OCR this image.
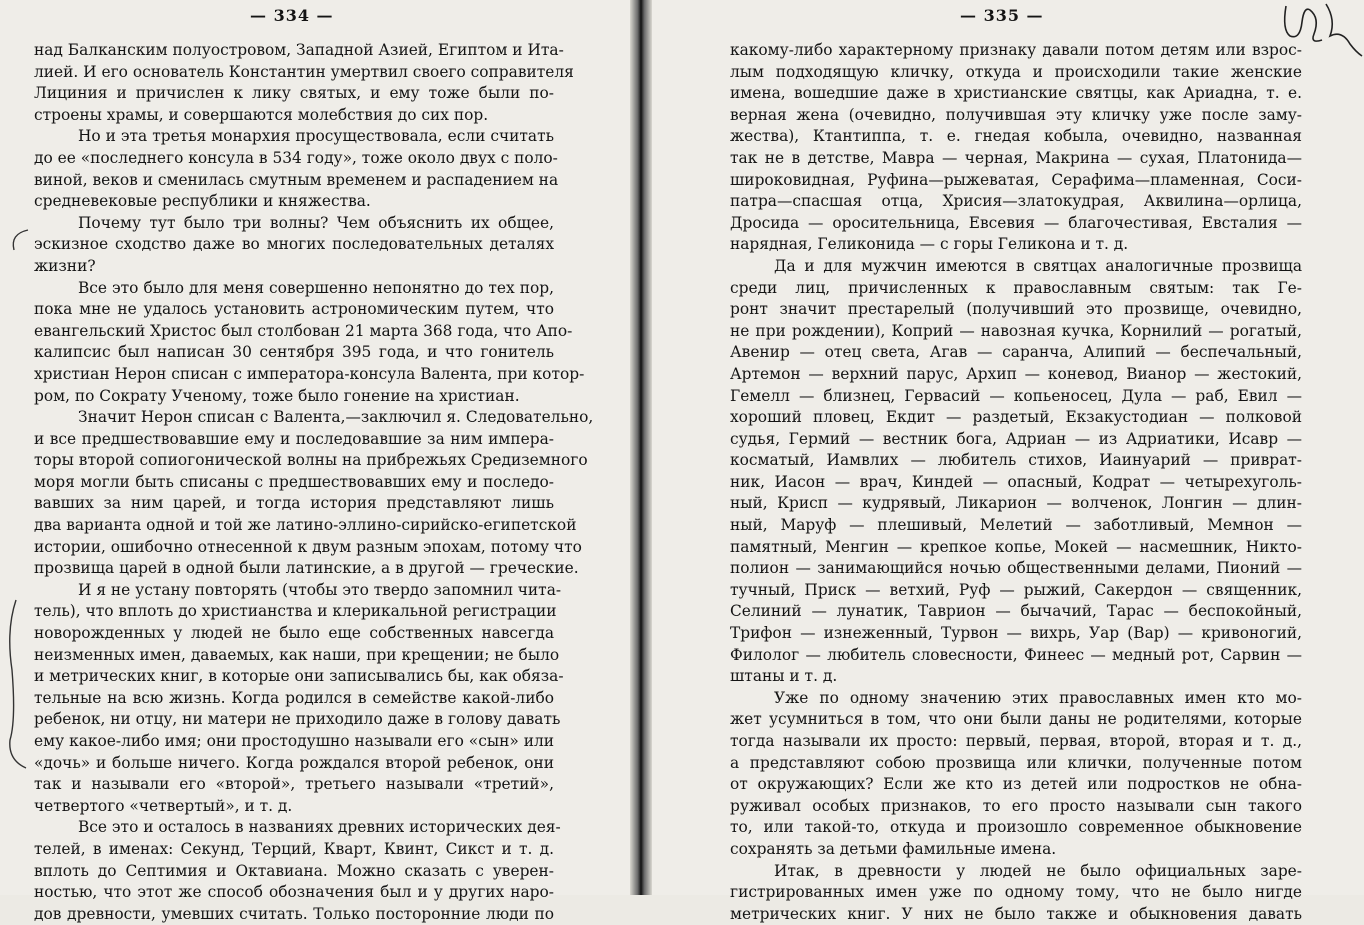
— 334 —
над Балканским полуостровом, Западной Азией, Египтом и Ита-
лией. И его основатель Константин умертвил своего соправителя
Лициния и причислен к лику святых, и ему тоже были по-
строены храмы, и совершаются молебствия до сих пор.
Но и эта третья монархия просуществовала, если считать
до ее «последнего консула в 534 году», тоже около двух с поло-
виной, веков и сменилась смутным временем и распадением на
средневековые республики и княжества.
Почему тут было три волны? Чем объяснить их общее,
эскизное сходство даже во многих последовательных деталях
жизни?
Все это было для меня совершенно непонятно до тех пор,
пока мне не удалось установить астрономическим путем, что
евангельский Христос был столбован 21 марта 368 года, что Апо-
калипсис был написан 30 сентября 395 года, и что гонитель
христиан Нерон списан с императора-консула Валента, при котор-
ром, по Сократу Ученому, тоже было гонение на христиан.
Значит Нерон списан с Валента,—заключил я. Следовательно,
и все предшествовавшие ему и последовавшие за ним импера-
торы второй сопиогонической волны на прибрежьях Средиземного
моря могли быть списаны с предшествовавших ему и последо-
вавших за ним царей, и тогда история представляют лишь
два варианта одной и той же латино-эллино-сирийско-египетской
истории, ошибочно отнесенной к двум разным эпохам, потому что
прозвища царей в одной были латинские, а в другой — греческие.
И я не устану повторять (чтобы это твердо запомнил чита-
тель), что вплоть до христианства и клерикальной регистрации
новорожденных у людей не было еще собственных навсегда
неизменных имен, даваемых, как наши, при крещении; не было
и метрических книг, в которые они записывались бы, как обяза-
тельные на всю жизнь. Когда родился в семействе какой-либо
ребенок, ни отцу, ни матери не приходило даже в голову давать
ему какое-либо имя; они простодушно называли его «сын» или
«дочь» и больше ничего. Когда рождался второй ребенок, они
так и называли его «второй», третьего называли «третий»,
четвертого «четвертый», и т. д.
Все это и осталось в названиях древних исторических дея-
телей, в именах: Секунд, Терций, Кварт, Квинт, Сикст и т. д.
вплоть до Септимия и Октавиана. Можно сказать с уверен-
ностью, что этот же способ обозначения был и у других наро-
дов древности, умевших считать. Только посторонние люди по
— 335 —
какому-либо характерному признаку давали потом детям или взрос-
лым подходящую кличку, откуда и происходили такие женские
имена, вошедшие даже в христианские святцы, как Ариадна, т. е.
верная жена (очевидно, получившая эту кличку уже после заму-
жества), Ктантиппа, т. е. гнедая кобыла, очевидно, названная
так не в детстве, Мавра — черная, Макрина — сухая, Платонида—
широковидная, Руфина—рыжеватая, Серафима—пламенная, Соси-
патра—спасшая отца, Хрисия—златокудрая, Аквилина—орлица,
Дросида — оросительница, Евсевия — благочестивая, Евсталия —
нарядная, Геликонида — с горы Геликона и т. д.
Да и для мужчин имеются в святцах аналогичные прозвища
среди лиц, причисленных к православным святым: так Ге-
ронт значит престарелый (получивший это прозвище, очевидно,
не при рождении), Коприй — навозная кучка, Корнилий — рогатый,
Авенир — отец света, Агав — саранча, Алипий — беспечальный,
Артемон — верхний парус, Архип — коневод, Вианор — жестокий,
Гемелл — близнец, Гервасий — копьеносец, Дула — раб, Евил —
хороший пловец, Екдит — раздетый, Екзакустодиан — полковой
судья, Гермий — вестник бога, Адриан — из Адриатики, Исавр —
косматый, Иамвлих — любитель стихов, Иаинуарий — приврат-
ник, Иасон — врач, Киндей — опасный, Кодрат — четырехуголь-
ный, Крисп — кудрявый, Ликарион — волченок, Лонгин — длин-
ный, Маруф — плешивый, Мелетий — заботливый, Мемнон —
памятный, Менгин — крепкое копье, Мокей — насмешник, Никто-
полион — занимающийся ночью общественными делами, Пионий —
тучный, Приск — ветхий, Руф — рыжий, Сакердон — священник,
Селиний — лунатик, Таврион — бычачий, Тарас — беспокойный,
Трифон — изнеженный, Турвон — вихрь, Уар (Вар) — кривоногий,
Филолог — любитель словесности, Финеес — медный рот, Сарвин —
штаны и т. д.
Уже по одному значению этих православных имен кто мо-
жет усумниться в том, что они были даны не родителями, которые
тогда называли их просто: первый, первая, второй, вторая и т. д.,
а представляют собою прозвища или клички, полученные потом
от окружающих? Если же кто из детей или подростков не обна-
руживал особых признаков, то его просто называли сын такого
то, или такой-то, откуда и произошло современное обыкновение
сохранять за детьми фамильные имена.
Итак, в древности у людей не было официальных заре-
гистрированных имен уже по одному тому, что не было нигде
метрических книг. У них не было также и обыкновения давать
